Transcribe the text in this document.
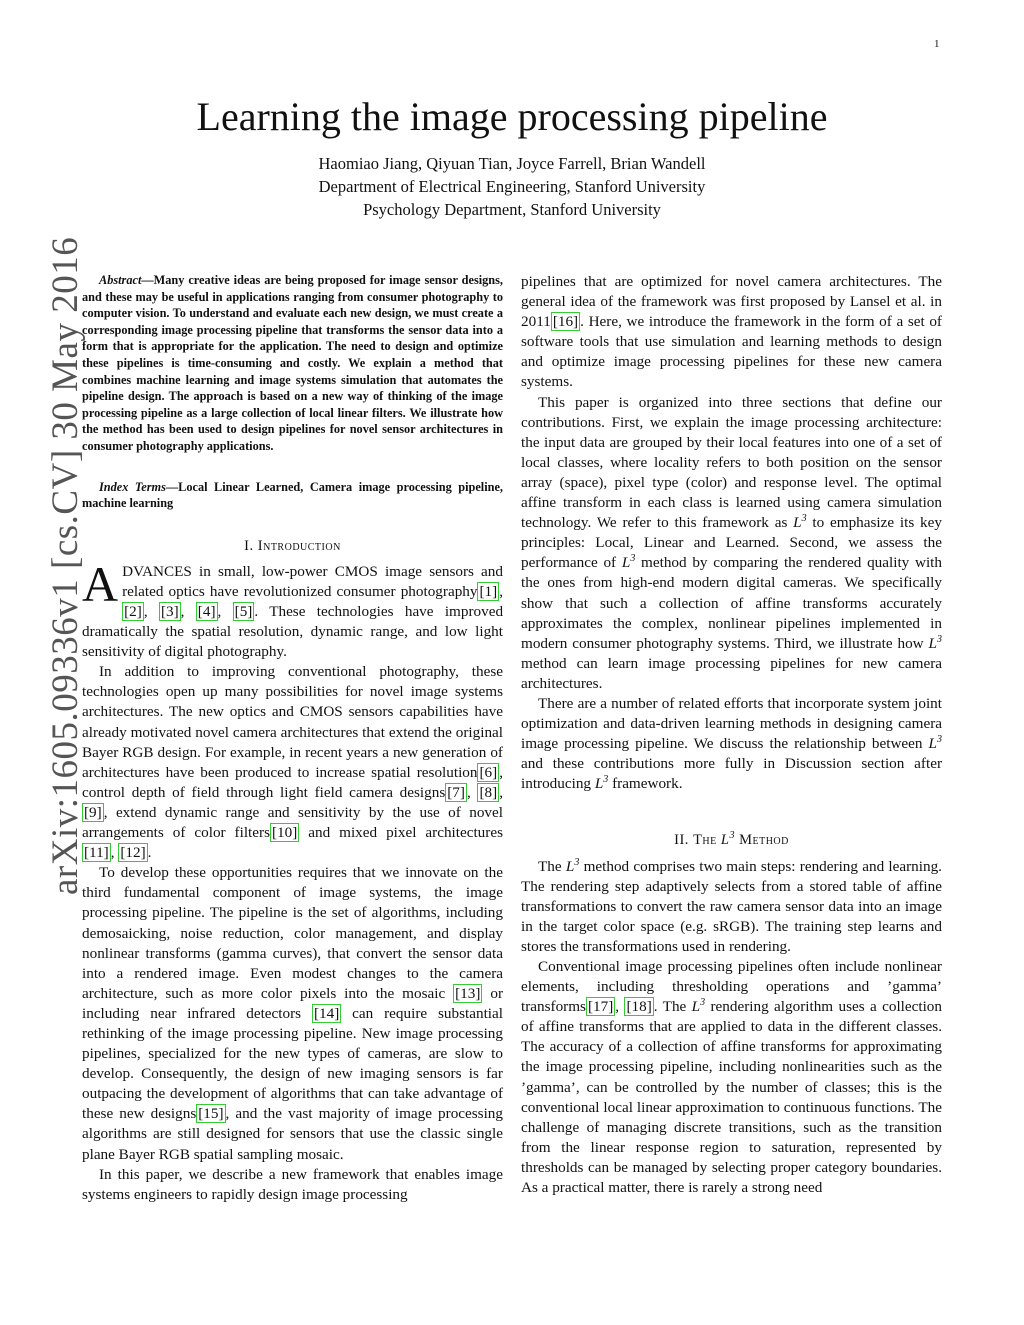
1
arXiv:1605.09336v1 [cs.CV] 30 May 2016
Learning the image processing pipeline
Haomiao Jiang, Qiyuan Tian, Joyce Farrell, Brian Wandell
Department of Electrical Engineering, Stanford University
Psychology Department, Stanford University

Abstract—Many creative ideas are being proposed for image sensor designs, and these may be useful in applications ranging from consumer photography to computer vision. To understand and evaluate each new design, we must create a corresponding image processing pipeline that transforms the sensor data into a form that is appropriate for the application. The need to design and optimize these pipelines is time-consuming and costly. We explain a method that combines machine learning and image systems simulation that automates the pipeline design. The approach is based on a new way of thinking of the image processing pipeline as a large collection of local linear filters. We illustrate how the method has been used to design pipelines for novel sensor architectures in consumer photography applications.

Index Terms—Local Linear Learned, Camera image processing pipeline, machine learning

I. Introduction

ADVANCES in small, low-power CMOS image sensors and related optics have revolutionized consumer photography [1] , [2] , [3] , [4] , [5] . These technologies have improved dramatically the spatial resolution, dynamic range, and low light sensitivity of digital photography.

In addition to improving conventional photography, these technologies open up many possibilities for novel image systems architectures. The new optics and CMOS sensors capabilities have already motivated novel camera architectures that extend the original Bayer RGB design. For example, in recent years a new generation of architectures have been produced to increase spatial resolution [6] , control depth of field through light field camera designs [7] , [8] , [9] , extend dynamic range and sensitivity by the use of novel arrangements of color filters [10] and mixed pixel architectures [11] , [12] .

To develop these opportunities requires that we innovate on the third fundamental component of image systems, the image processing pipeline. The pipeline is the set of algorithms, including demosaicking, noise reduction, color management, and display nonlinear transforms (gamma curves), that convert the sensor data into a rendered image. Even modest changes to the camera architecture, such as more color pixels into the mosaic [13] or including near infrared detectors [14] can require substantial rethinking of the image processing pipeline. New image processing pipelines, specialized for the new types of cameras, are slow to develop. Consequently, the design of new imaging sensors is far outpacing the development of algorithms that can take advantage of these new designs [15] , and the vast majority of image processing algorithms are still designed for sensors that use the classic single plane Bayer RGB spatial sampling mosaic.

In this paper, we describe a new framework that enables image systems engineers to rapidly design image processing

pipelines that are optimized for novel camera architectures. The general idea of the framework was first proposed by Lansel et al. in 2011 [16] . Here, we introduce the framework in the form of a set of software tools that use simulation and learning methods to design and optimize image processing pipelines for these new camera systems.

This paper is organized into three sections that define our contributions. First, we explain the image processing architecture: the input data are grouped by their local features into one of a set of local classes, where locality refers to both position on the sensor array (space), pixel type (color) and response level. The optimal affine transform in each class is learned using camera simulation technology. We refer to this framework as $L^3$ to emphasize its key principles: Local, Linear and Learned. Second, we assess the performance of $L^3$ method by comparing the rendered quality with the ones from high-end modern digital cameras. We specifically show that such a collection of affine transforms accurately approximates the complex, nonlinear pipelines implemented in modern consumer photography systems. Third, we illustrate how $L^3$ method can learn image processing pipelines for new camera architectures.

There are a number of related efforts that incorporate system joint optimization and data-driven learning methods in designing camera image processing pipeline. We discuss the relationship between $L^3$ and these contributions more fully in Discussion section after introducing $L^3$ framework.

II. The $L^3$ Method

The $L^3$ method comprises two main steps: rendering and learning. The rendering step adaptively selects from a stored table of affine transformations to convert the raw camera sensor data into an image in the target color space (e.g. sRGB). The training step learns and stores the transformations used in rendering.

Conventional image processing pipelines often include nonlinear elements, including thresholding operations and ’gamma’ transforms [17] , [18] . The $L^3$ rendering algorithm uses a collection of affine transforms that are applied to data in the different classes. The accuracy of a collection of affine transforms for approximating the image processing pipeline, including nonlinearities such as the ’gamma’, can be controlled by the number of classes; this is the conventional local linear approximation to continuous functions. The challenge of managing discrete transitions, such as the transition from the linear response region to saturation, represented by thresholds can be managed by selecting proper category boundaries. As a practical matter, there is rarely a strong need
